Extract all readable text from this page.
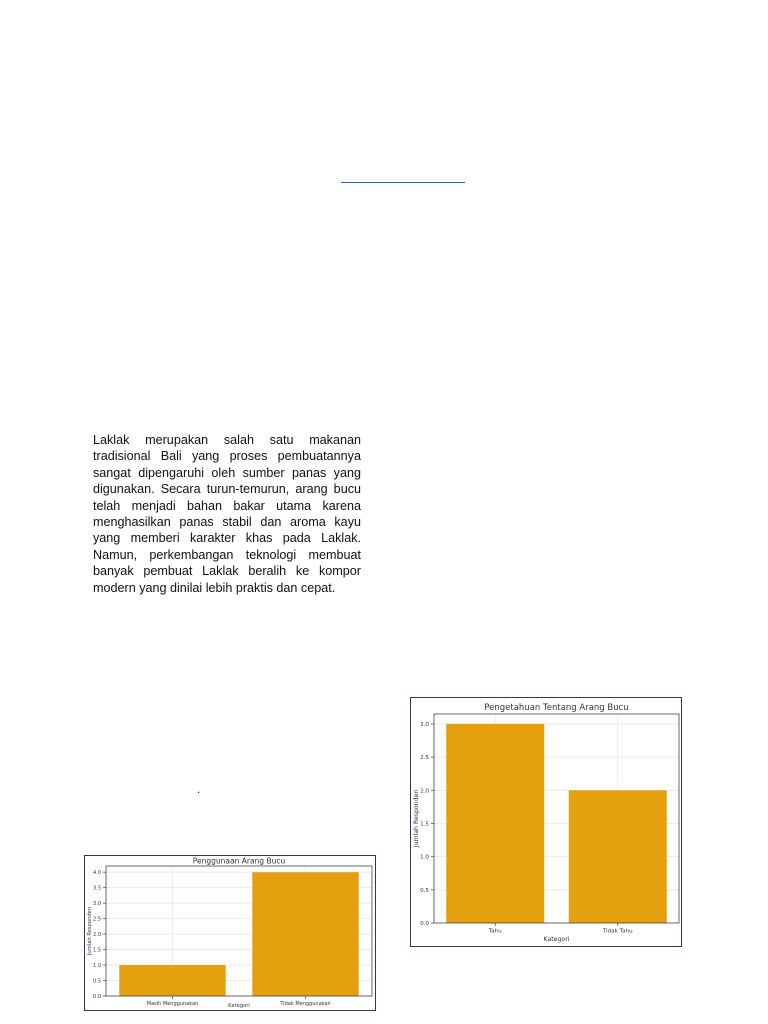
Laklak merupakan salah satu makanan tradisional Bali yang proses pembuatannya sangat dipengaruhi oleh sumber panas yang digunakan. Secara turun-temurun, arang bucu telah menjadi bahan bakar utama karena menghasilkan panas stabil dan aroma kayu yang memberi karakter khas pada Laklak. Namun, perkembangan teknologi membuat banyak pembuat Laklak beralih ke kompor modern yang dinilai lebih praktis dan cepat.

.
0.0
0.5
1.0
1.5
2.0
2.5
3.0
Tahu	Tidak Tahu
Pengetahuan Tentang Arang Bucu
Kategori
Jumlah Responden
0.0
0.5
1.0
1.5
2.0
2.5
3.0
3.5
4.0
Masih Menggunakan	Tidak Menggunakan
Penggunaan Arang Bucu
Kategori
Jumlah Responden
